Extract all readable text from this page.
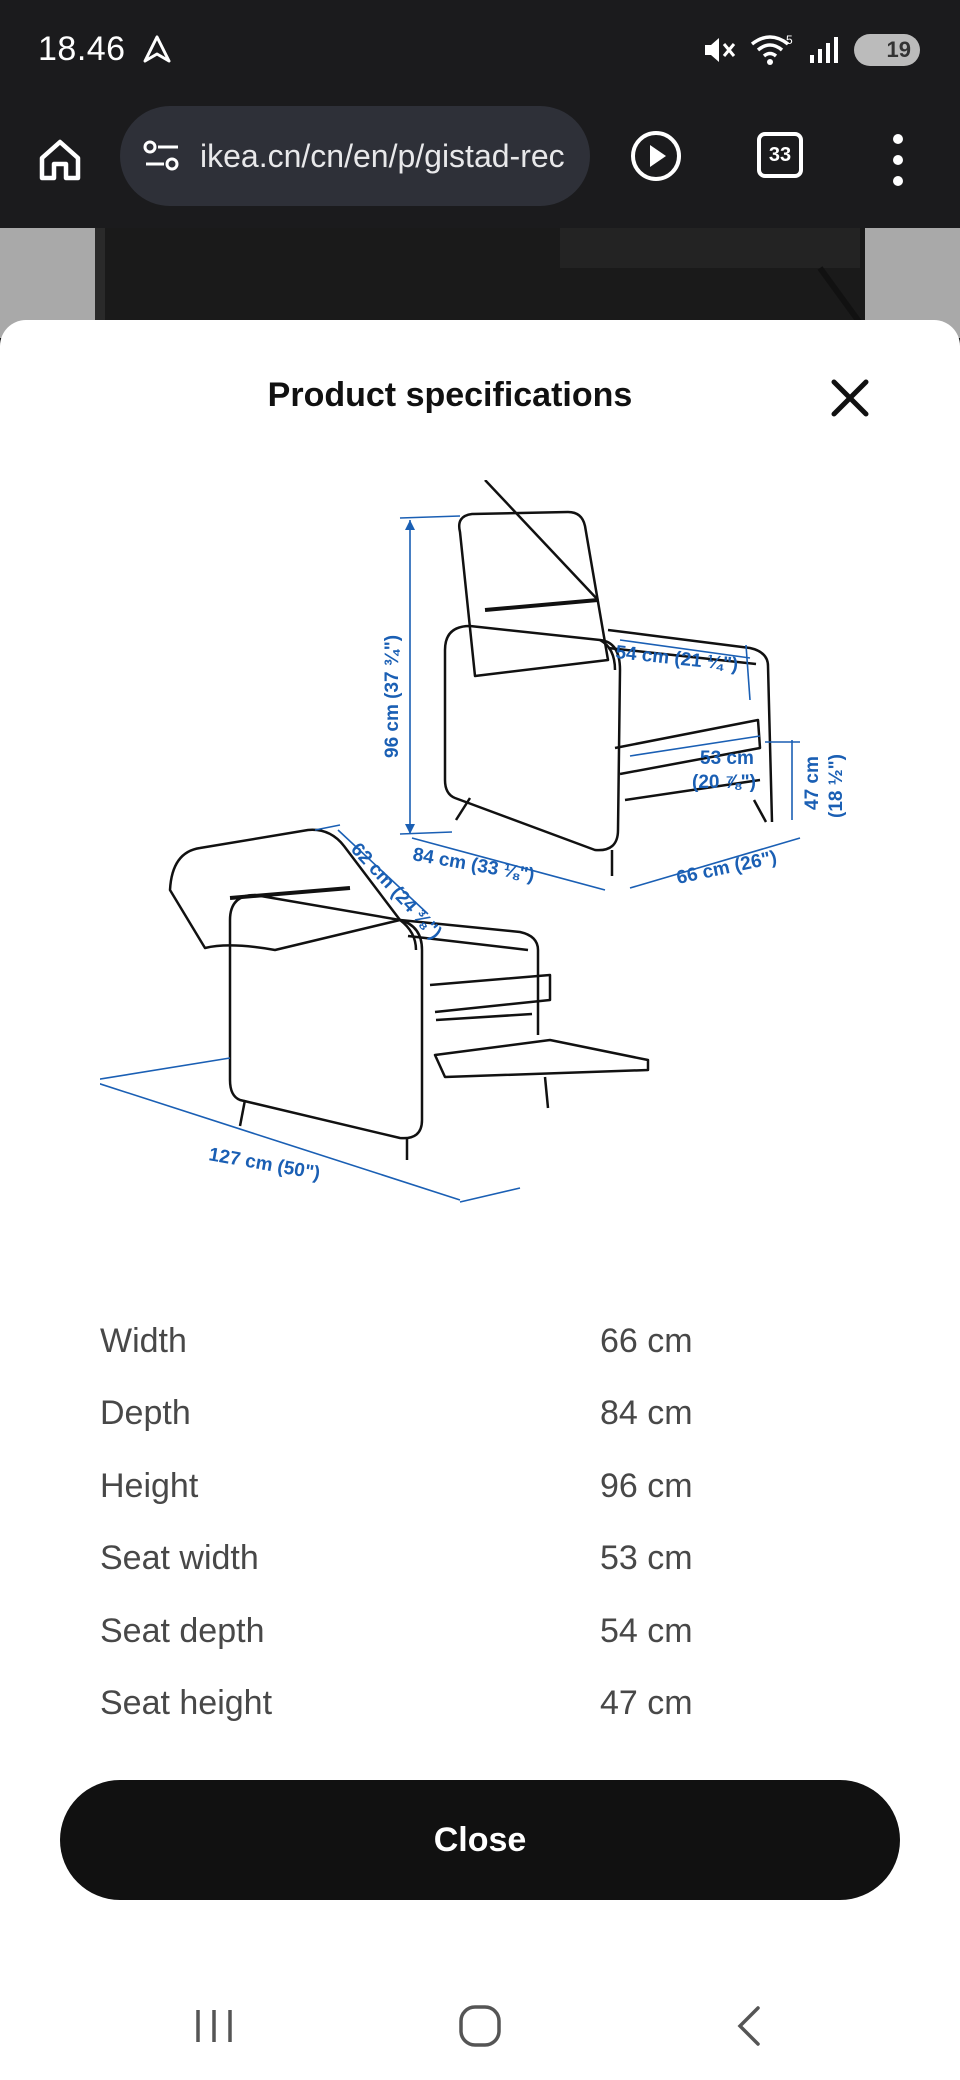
18.46	5	19
ikea.cn/cn/en/p/gistad-rec	33
Product specifications
96 cm (37 ¾")	54 cm (21 ¼")
53 cm
(20 ⅞") 47 cm (18 ½")
84 cm (33 ⅛")	66 cm (26")
62 cm (24 ⅜")
127 cm (50")
Width	66 cm
Depth	84 cm
Height	96 cm
Seat width	53 cm
Seat depth	54 cm
Seat height	47 cm
Close
